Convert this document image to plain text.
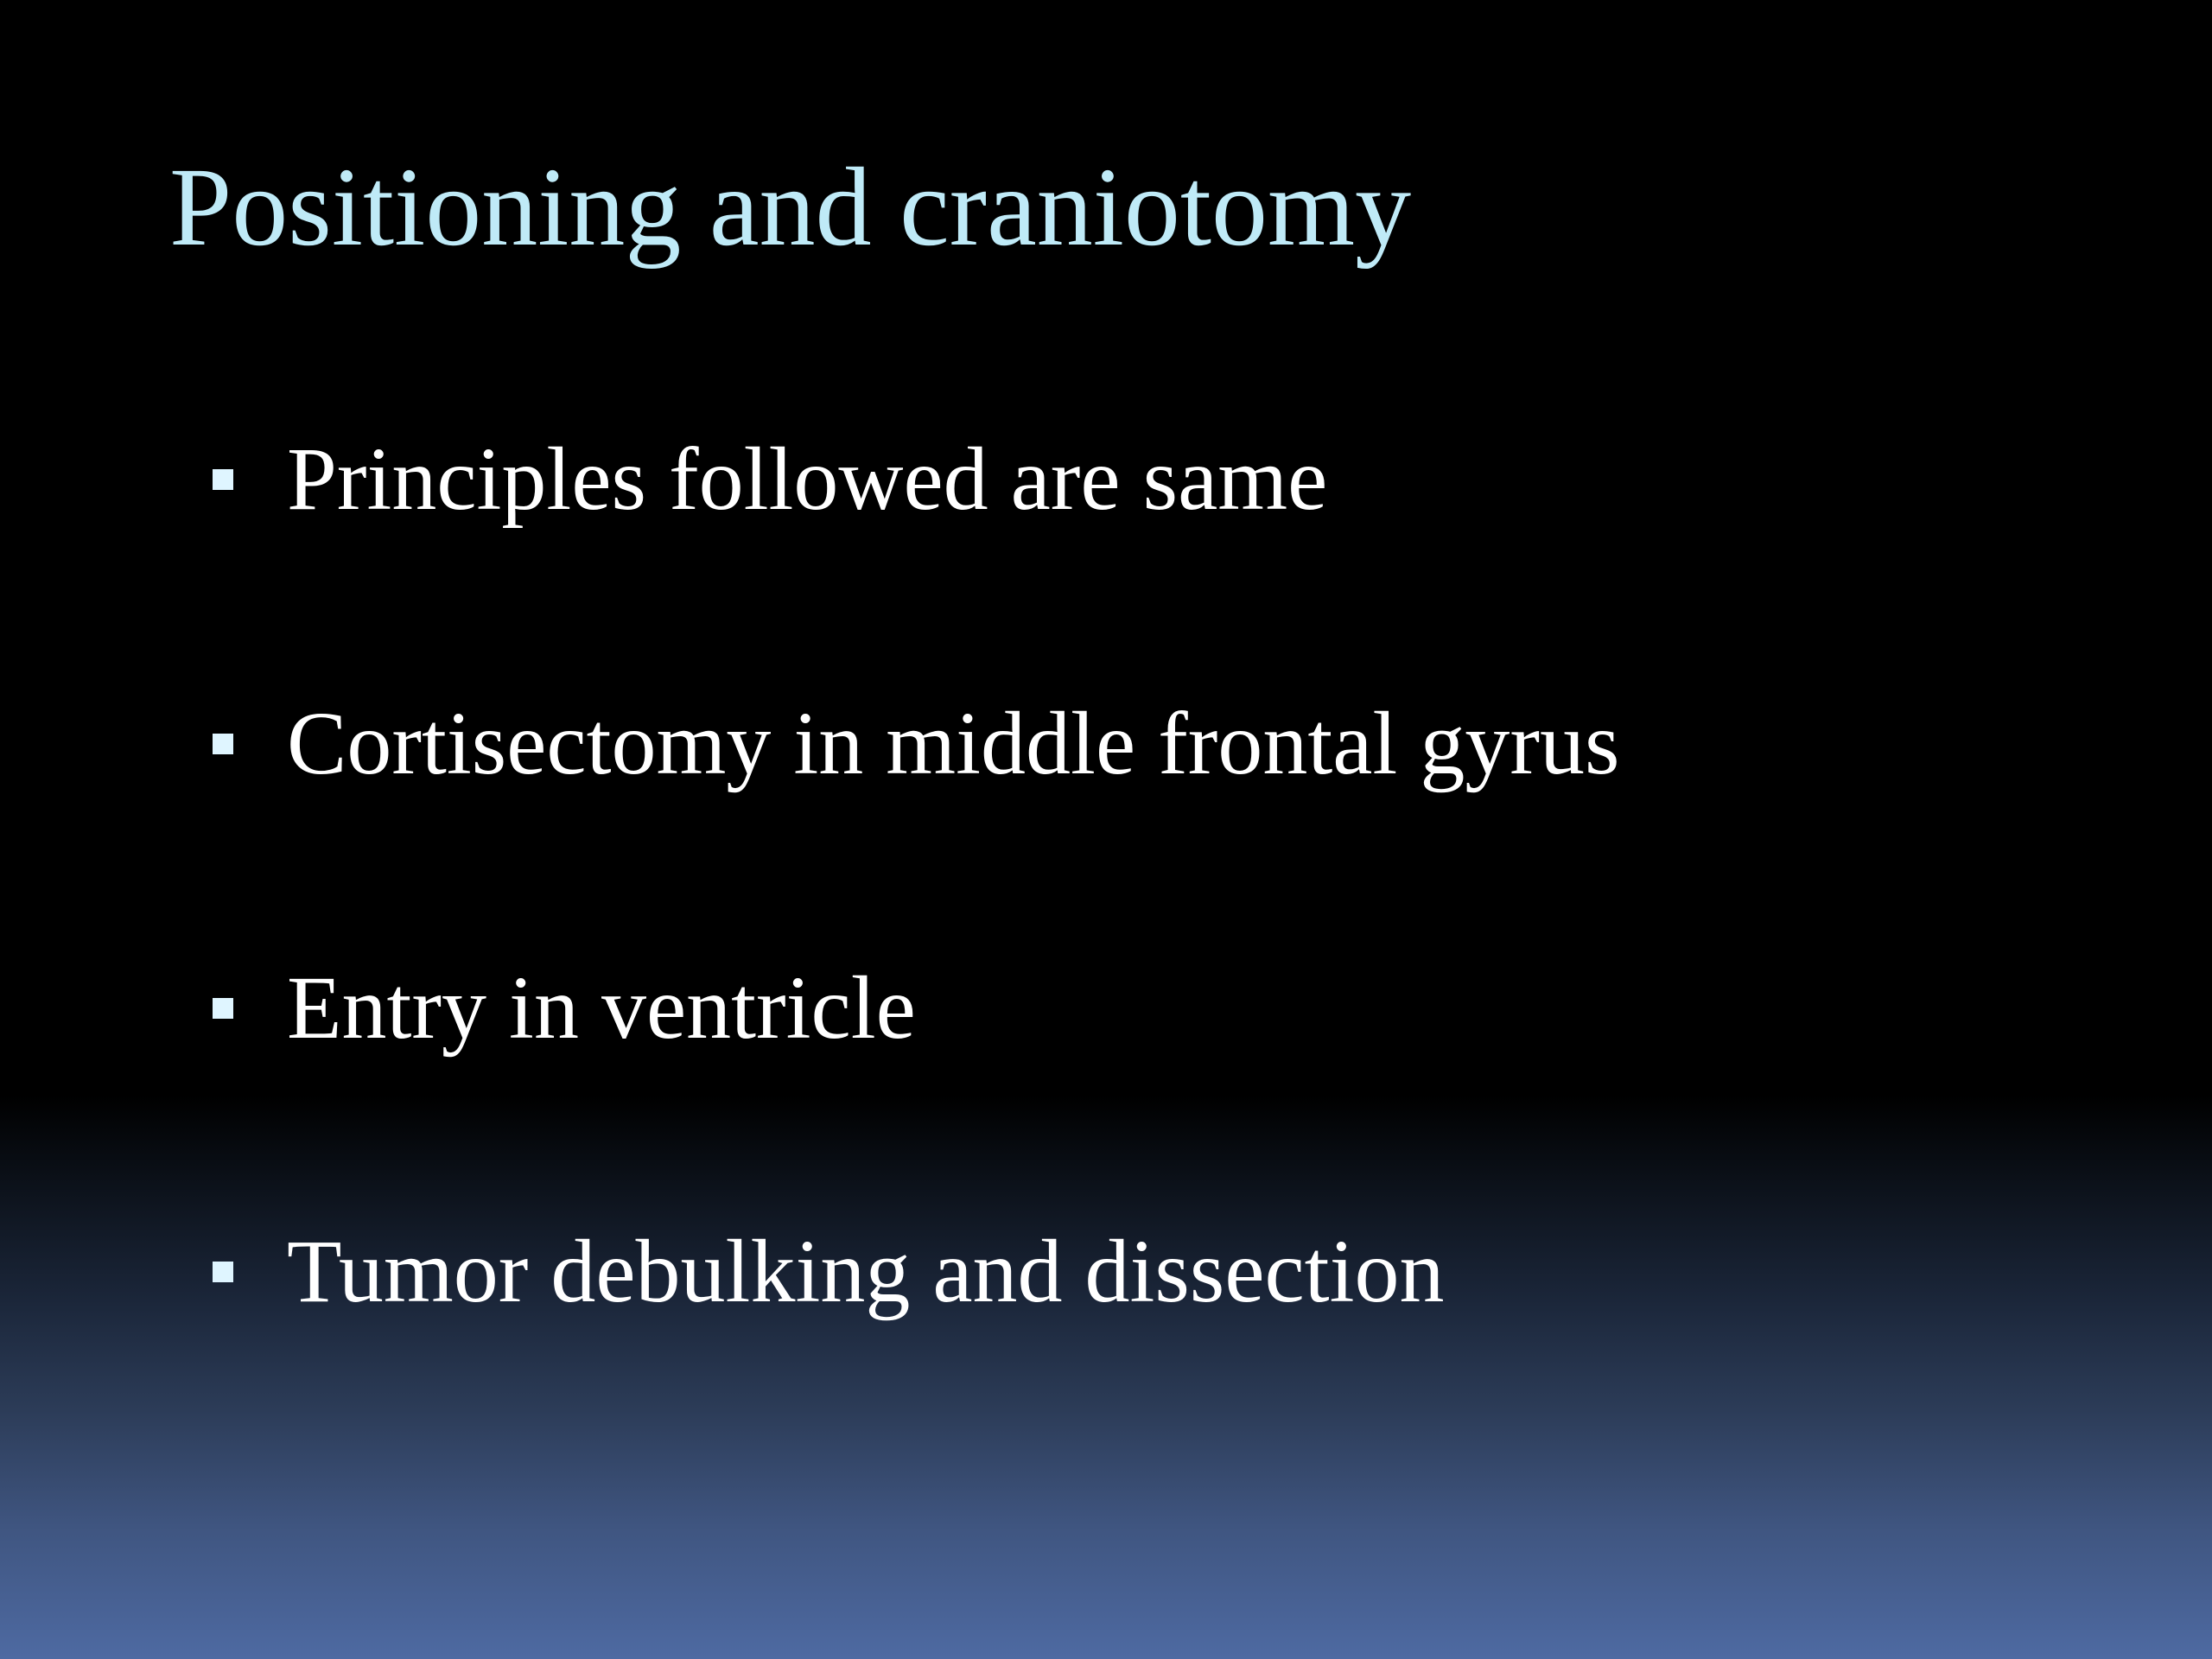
Positioning and craniotomy
Principles followed are same
Cortisectomy in middle frontal gyrus
Entry in ventricle
Tumor debulking and dissection
